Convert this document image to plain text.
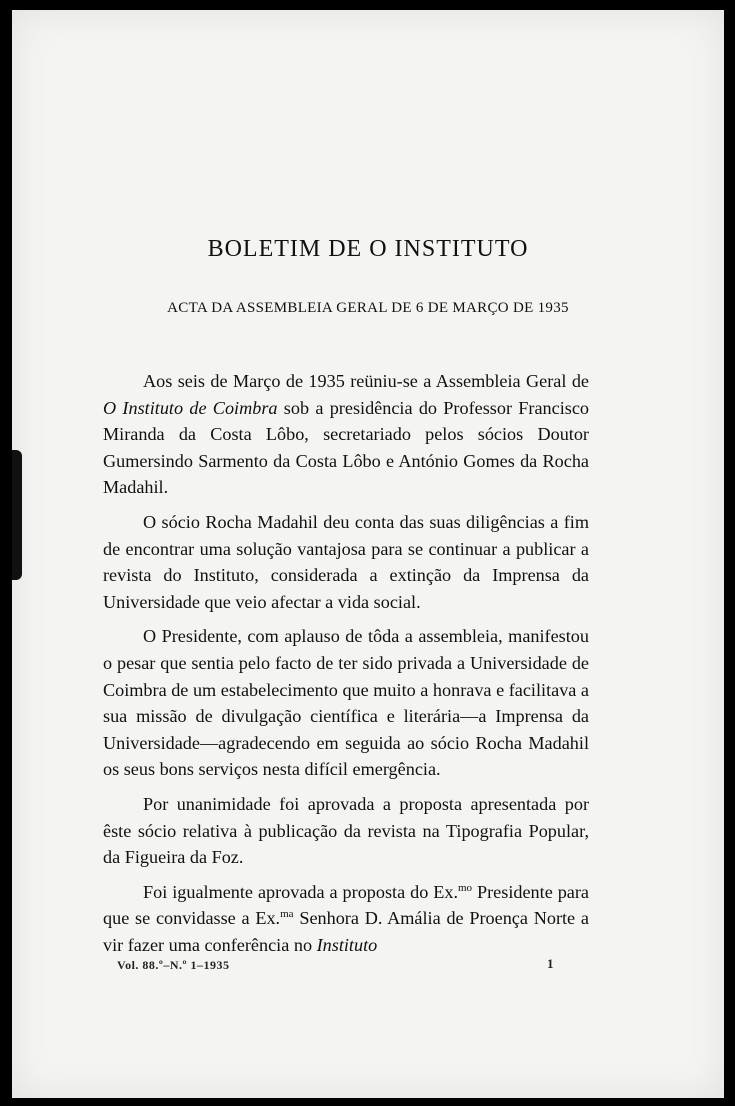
BOLETIM DE O INSTITUTO
ACTA DA ASSEMBLEIA GERAL DE 6 DE MARÇO DE 1935

Aos seis de Março de 1935 reüniu-se a Assembleia Geral de O Instituto de Coimbra sob a presidência do Professor Francisco Miranda da Costa Lôbo, secretariado pelos sócios Doutor Gumersindo Sarmento da Costa Lôbo e António Gomes da Rocha Madahil.

O sócio Rocha Madahil deu conta das suas diligências a fim de encontrar uma solução vantajosa para se continuar a publicar a revista do Instituto, considerada a extinção da Imprensa da Universidade que veio afectar a vida social.

O Presidente, com aplauso de tôda a assembleia, manifestou o pesar que sentia pelo facto de ter sido privada a Universidade de Coimbra de um estabelecimento que muito a honrava e facilitava a sua missão de divulgação científica e literária—a Imprensa da Universidade—agradecendo em seguida ao sócio Rocha Madahil os seus bons serviços nesta difícil emergência.

Por unanimidade foi aprovada a proposta apresentada por êste sócio relativa à publicação da revista na Tipografia Popular, da Figueira da Foz.

Foi igualmente aprovada a proposta do Ex.$^{mo}$ Presidente para que se convidasse a Ex.$^{ma}$ Senhora D. Amália de Proença Norte a vir fazer uma conferência no Instituto

Vol. 88.º–N.º 1–1935	1
